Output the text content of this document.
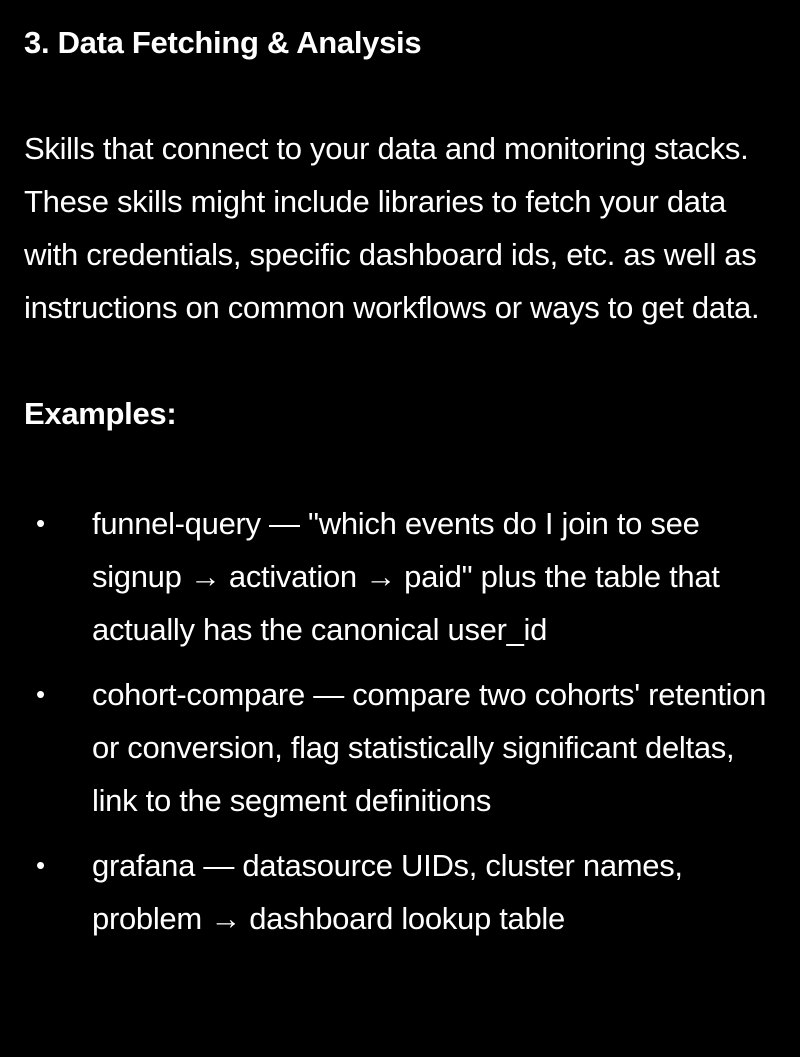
3. Data Fetching & Analysis

Skills that connect to your data and monitoring stacks. These skills might include libraries to fetch your data with credentials, specific dashboard ids, etc. as well as instructions on common workflows or ways to get data.

Examples:
• funnel-query — "which events do I join to see signup → activation → paid" plus the table that actually has the canonical user_id
• cohort-compare — compare two cohorts' retention or conversion, flag statistically significant deltas, link to the segment definitions
• grafana — datasource UIDs, cluster names, problem → dashboard lookup table
